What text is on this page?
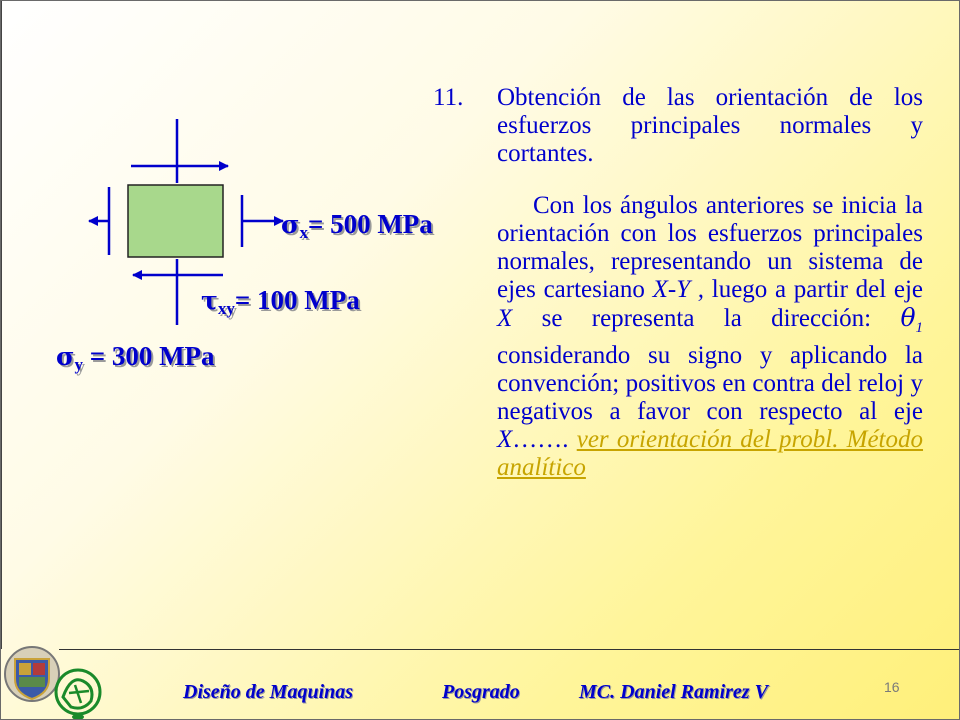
$\sigma_x= 500$ MPa
$\tau_{xy}= 100$ MPa
$\sigma_y = 300$ MPa
11. Obtención de las orientación de los esfuerzos principales normales y cortantes.
Con los ángulos anteriores se inicia la orientación con los esfuerzos principales normales, representando un sistema de ejes cartesiano X-Y , luego a partir del eje X se representa la dirección: $\theta_1$ considerando su signo y aplicando la convención; positivos en contra del reloj y negativos a favor con respecto al eje X……. ver orientación del probl. Método analítico
Diseño de Maquinas	Posgrado	MC. Daniel Ramirez V	16
